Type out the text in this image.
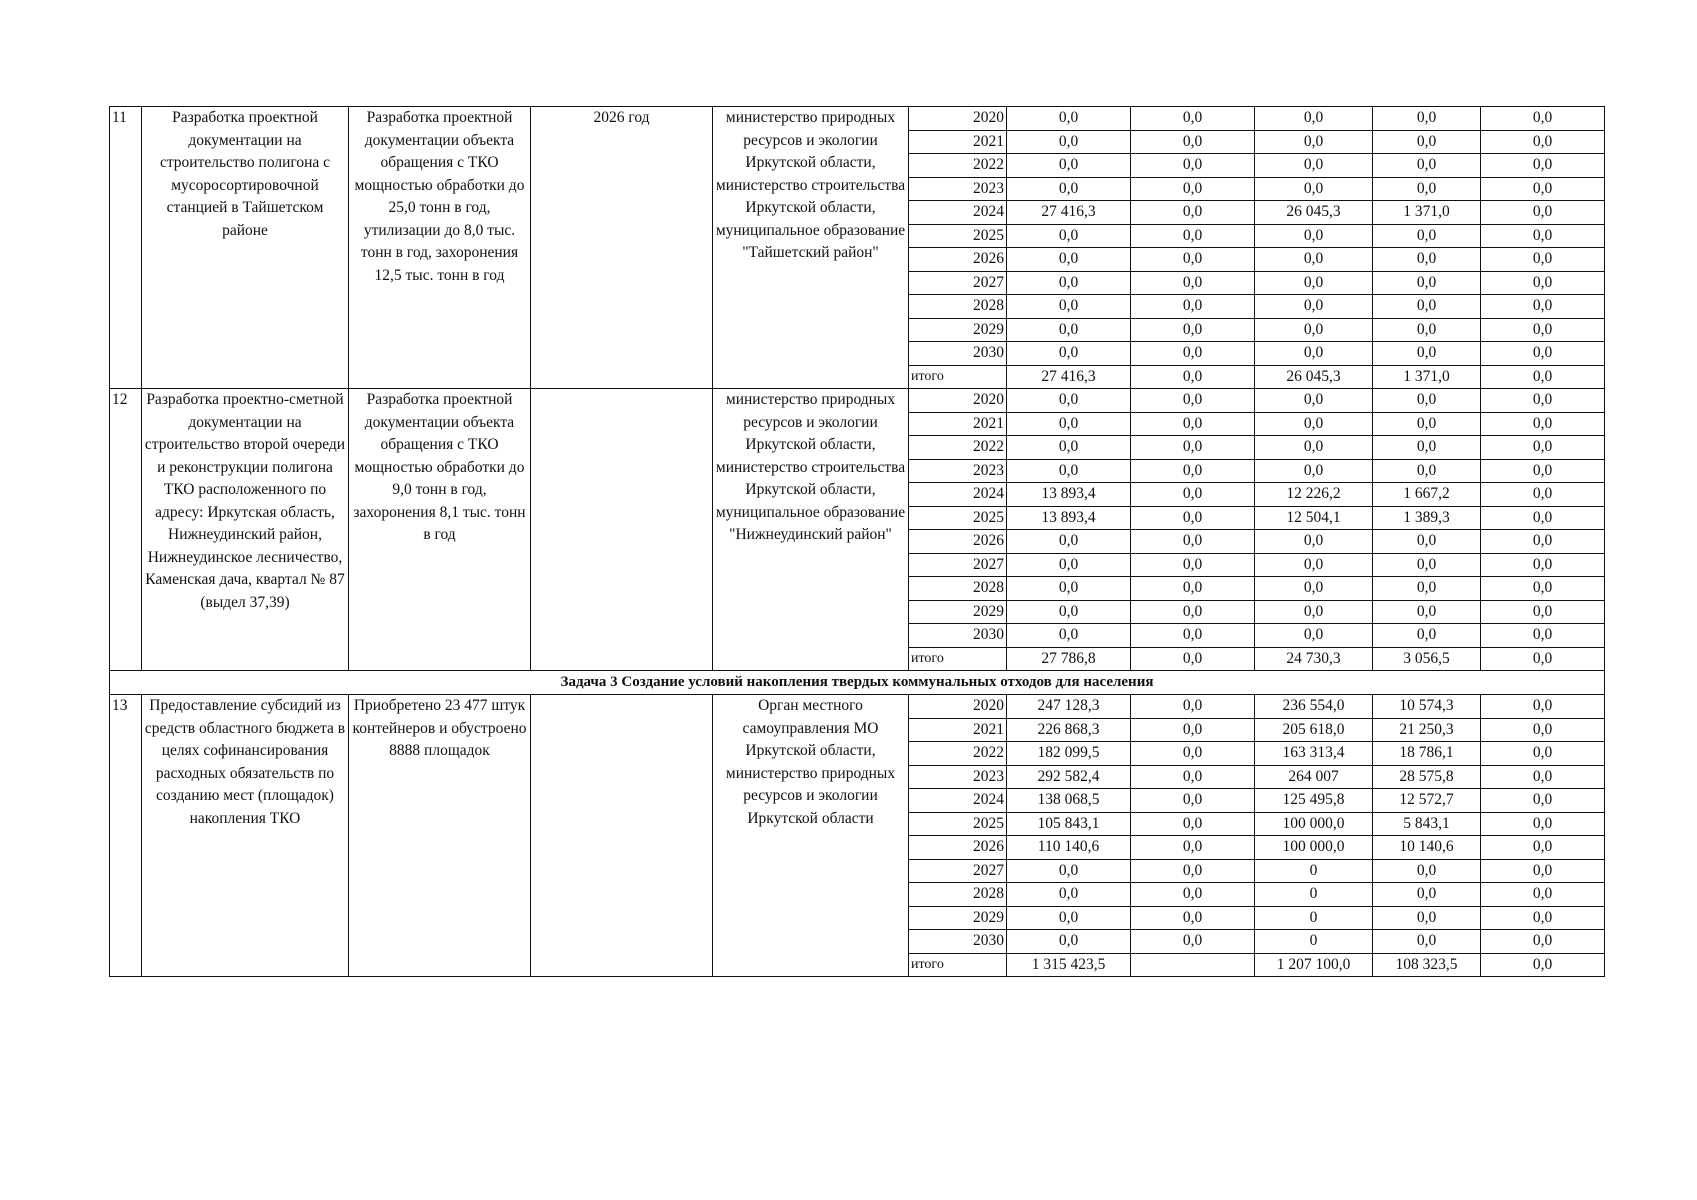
11	Разработка проектной документации на строительство полигона с мусоросортировочной станцией в Тайшетском районе	Разработка проектной документации объекта обращения с ТКО мощностью обработки до 25,0 тонн в год, утилизации до 8,0 тыс. тонн в год, захоронения 12,5 тыс. тонн в год	2026 год	министерство природных ресурсов и экологии Иркутской области, министерство строительства Иркутской области, муниципальное образование "Тайшетский район"	2020	0,0	0,0	0,0	0,0	0,0
					2021	0,0	0,0	0,0	0,0	0,0
					2022	0,0	0,0	0,0	0,0	0,0
					2023	0,0	0,0	0,0	0,0	0,0
					2024	27 416,3	0,0	26 045,3	1 371,0	0,0
					2025	0,0	0,0	0,0	0,0	0,0
					2026	0,0	0,0	0,0	0,0	0,0
					2027	0,0	0,0	0,0	0,0	0,0
					2028	0,0	0,0	0,0	0,0	0,0
					2029	0,0	0,0	0,0	0,0	0,0
					2030	0,0	0,0	0,0	0,0	0,0
					итого	27 416,3	0,0	26 045,3	1 371,0	0,0
12	Разработка проектно-сметной документации на строительство второй очереди и реконструкции полигона ТКО расположенного по адресу: Иркутская область, Нижнеудинский район, Нижнеудинское лесничество, Каменская дача, квартал № 87 (выдел 37,39)	Разработка проектной документации объекта обращения с ТКО мощностью обработки до 9,0 тонн в год, захоронения 8,1 тыс. тонн в год		министерство природных ресурсов и экологии Иркутской области, министерство строительства Иркутской области, муниципальное образование "Нижнеудинский район"	2020	0,0	0,0	0,0	0,0	0,0
					2021	0,0	0,0	0,0	0,0	0,0
					2022	0,0	0,0	0,0	0,0	0,0
					2023	0,0	0,0	0,0	0,0	0,0
					2024	13 893,4	0,0	12 226,2	1 667,2	0,0
					2025	13 893,4	0,0	12 504,1	1 389,3	0,0
					2026	0,0	0,0	0,0	0,0	0,0
					2027	0,0	0,0	0,0	0,0	0,0
					2028	0,0	0,0	0,0	0,0	0,0
					2029	0,0	0,0	0,0	0,0	0,0
					2030	0,0	0,0	0,0	0,0	0,0
					итого	27 786,8	0,0	24 730,3	3 056,5	0,0
Задача 3 Создание условий накопления твердых коммунальных отходов для населения										
13	Предоставление субсидий из средств областного бюджета в целях софинансирования расходных обязательств по созданию мест (площадок) накопления ТКО	Приобретено 23 477 штук контейнеров и обустроено 8888 площадок		Орган местного самоуправления МО Иркутской области, министерство природных ресурсов и экологии Иркутской области	2020	247 128,3	0,0	236 554,0	10 574,3	0,0
					2021	226 868,3	0,0	205 618,0	21 250,3	0,0
					2022	182 099,5	0,0	163 313,4	18 786,1	0,0
					2023	292 582,4	0,0	264 007	28 575,8	0,0
					2024	138 068,5	0,0	125 495,8	12 572,7	0,0
					2025	105 843,1	0,0	100 000,0	5 843,1	0,0
					2026	110 140,6	0,0	100 000,0	10 140,6	0,0
					2027	0,0	0,0	0	0,0	0,0
					2028	0,0	0,0	0	0,0	0,0
					2029	0,0	0,0	0	0,0	0,0
					2030	0,0	0,0	0	0,0	0,0
					итого	1 315 423,5		1 207 100,0	108 323,5	0,0
